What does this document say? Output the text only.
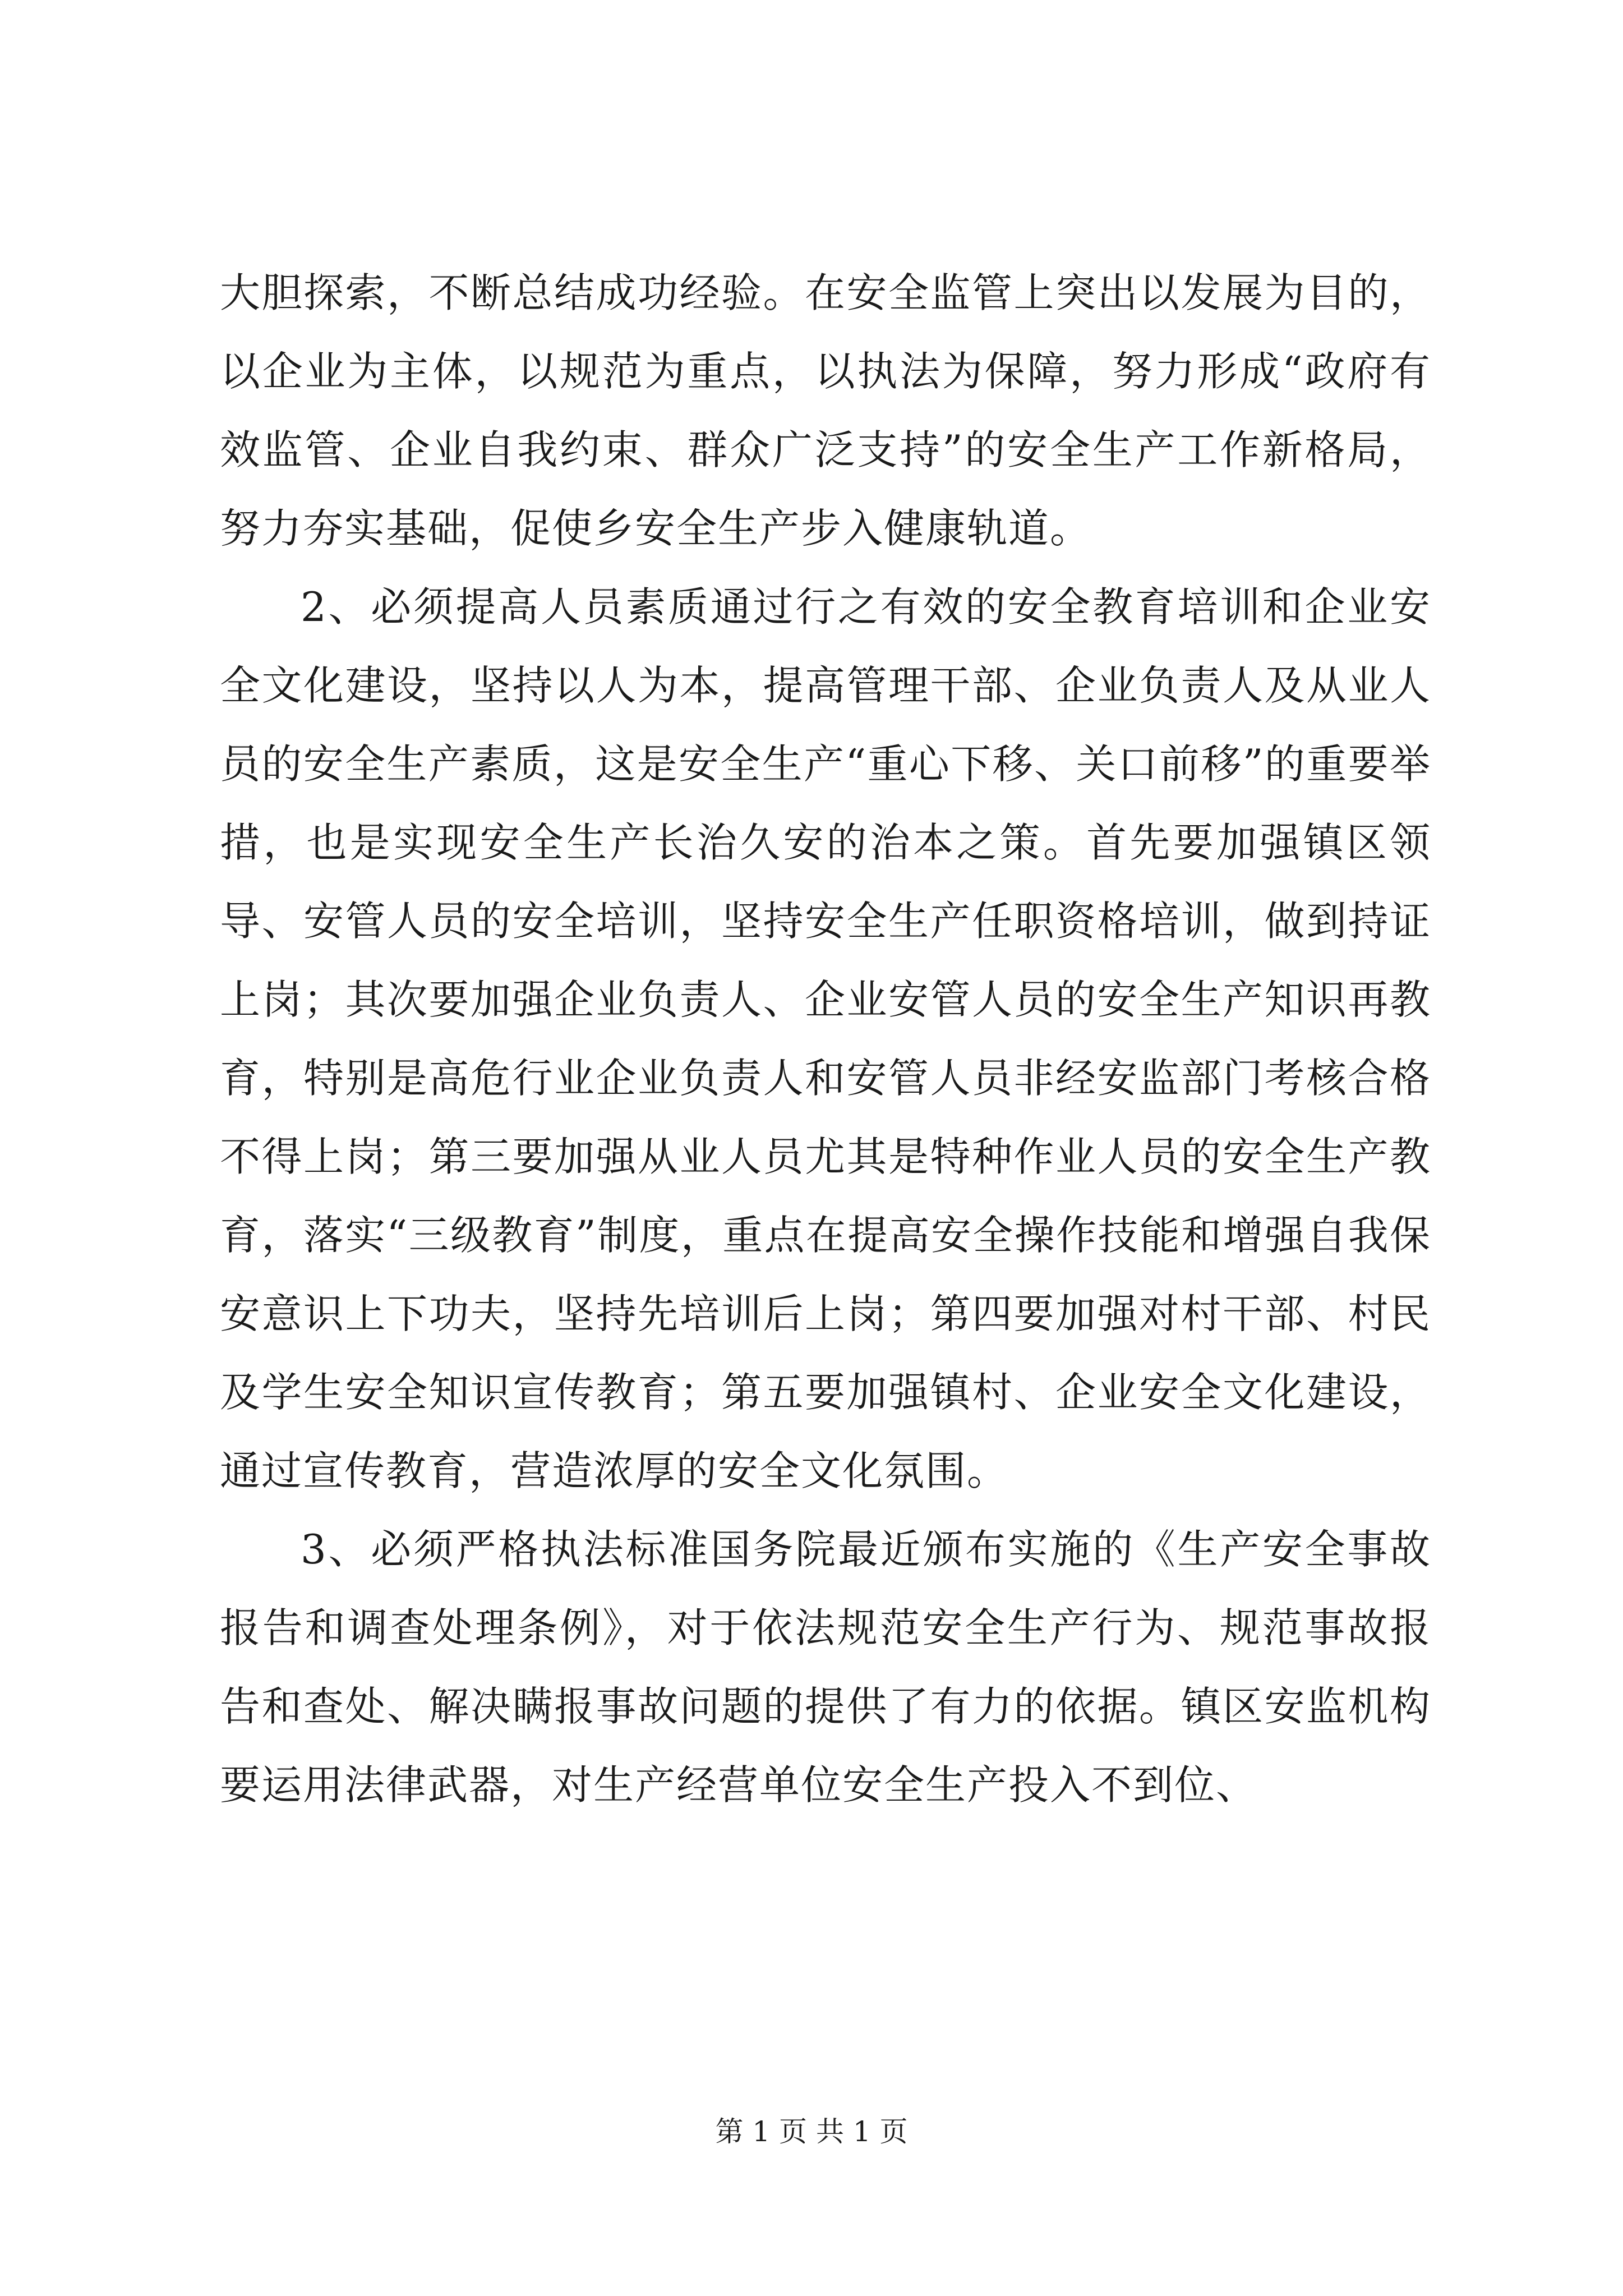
大胆探索，不断总结成功经验。在安全监管上突出以发展为目的，以企业为主体，以规范为重点，以执法为保障，努力形成“政府有效监管、企业自我约束、群众广泛支持”的安全生产工作新格局，努力夯实基础，促使乡安全生产步入健康轨道。

2、必须提高人员素质通过行之有效的安全教育培训和企业安全文化建设，坚持以人为本，提高管理干部、企业负责人及从业人员的安全生产素质，这是安全生产“重心下移、关口前移”的重要举措，也是实现安全生产长治久安的治本之策。首先要加强镇区领导、安管人员的安全培训，坚持安全生产任职资格培训，做到持证上岗；其次要加强企业负责人、企业安管人员的安全生产知识再教育，特别是高危行业企业负责人和安管人员非经安监部门考核合格不得上岗；第三要加强从业人员尤其是特种作业人员的安全生产教育，落实“三级教育”制度，重点在提高安全操作技能和增强自我保安意识上下功夫，坚持先培训后上岗；第四要加强对村干部、村民及学生安全知识宣传教育；第五要加强镇村、企业安全文化建设，通过宣传教育，营造浓厚的安全文化氛围。

3、必须严格执法标准国务院最近颁布实施的《生产安全事故报告和调查处理条例》，对于依法规范安全生产行为、规范事故报告和查处、解决瞒报事故问题的提供了有力的依据。镇区安监机构要运用法律武器，对生产经营单位安全生产投入不到位、

第 1 页 共 1 页
